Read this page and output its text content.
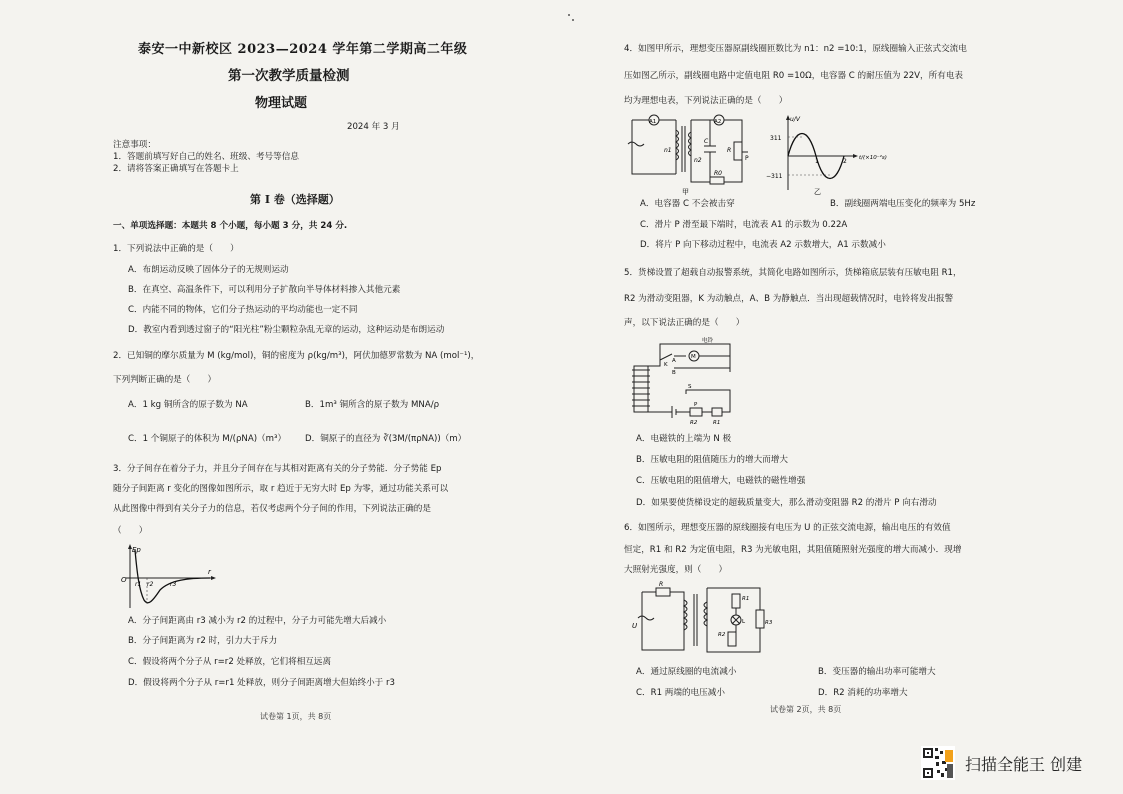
泰安一中新校区 2023—2024 学年第二学期高二年级
第一次教学质量检测
物理试题
2024 年 3 月
注意事项：
1．答题前填写好自己的姓名、班级、考号等信息
2．请将答案正确填写在答题卡上
第 I 卷（选择题）
一、单项选择题：本题共 8 个小题，每小题 3 分，共 24 分.
1．下列说法中正确的是（　　）
A．布朗运动反映了固体分子的无规则运动
B．在真空、高温条件下，可以利用分子扩散向半导体材料掺入其他元素
C．内能不同的物体，它们分子热运动的平均动能也一定不同
D．教室内看到透过窗子的“阳光柱”粉尘颗粒杂乱无章的运动，这种运动是布朗运动
2．已知铜的摩尔质量为 M (kg/mol)，铜的密度为 ρ(kg/m³)，阿伏加德罗常数为 NA (mol⁻¹)，
下列判断正确的是（　　）
A．1 kg 铜所含的原子数为 NA	B．1m³ 铜所含的原子数为 MNA/ρ
C．1 个铜原子的体积为 M/(ρNA)（m³） D．铜原子的直径为 ∛(3M/(πρNA))（m）
3．分子间存在着分子力，并且分子间存在与其相对距离有关的分子势能．分子势能 Ep
随分子间距离 r 变化的图像如图所示，取 r 趋近于无穷大时 Ep 为零，通过功能关系可以
从此图像中得到有关分子力的信息，若仅考虑两个分子间的作用，下列说法正确的是
（　　）
Ep
O
r1 r2	r3
r
A．分子间距离由 r3 减小为 r2 的过程中，分子力可能先增大后减小
B．分子间距离为 r2 时，引力大于斥力
C．假设将两个分子从 r=r2 处释放，它们将相互远离
D．假设将两个分子从 r=r1 处释放，则分子间距离增大但始终小于 r3
试卷第 1页，共 8页
4．如图甲所示，理想变压器原副线圈匝数比为 n1：n2 =10:1，原线圈输入正弦式交流电
压如图乙所示，副线圈电路中定值电阻 R0 =10Ω，电容器 C 的耐压值为 22V，所有电表
均为理想电表，下列说法正确的是（　　）
A1	A2
n1
n2
C
R
P
R0
甲
u/V
311
−311
1	2 t/(×10⁻²s)
乙
A．电容器 C 不会被击穿	B．副线圈两端电压变化的频率为 5Hz
C．滑片 P 滑至最下端时，电流表 A1 的示数为 0.22A
D．将片 P 向下移动过程中，电流表 A2 示数增大，A1 示数减小
5．货梯设置了超载自动报警系统，其简化电路如图所示，货梯箱底层装有压敏电阻 R1，
R2 为滑动变阻器，K 为动触点，A、B 为静触点．当出现超载情况时，电铃将发出报警
声，以下说法正确的是（　　）
电铃
M
A
K
B
S
P
R2	R1
A．电磁铁的上端为 N 极
B．压敏电阻的阻值随压力的增大而增大
C．压敏电阻的阻值增大，电磁铁的磁性增强
D．如果要使货梯设定的超载质量变大，那么滑动变阻器 R2 的滑片 P 向右滑动
6．如图所示，理想变压器的原线圈接有电压为 U 的正弦交流电源，输出电压的有效值
恒定，R1 和 R2 为定值电阻，R3 为光敏电阻，其阻值随照射光强度的增大而减小．现增
大照射光强度，则（　　）
R
U
R1
L
R2
R3
A．通过原线圈的电流减小	B．变压器的输出功率可能增大
C．R1 两端的电压减小	D．R2 消耗的功率增大
试卷第 2页，共 8页
扫描全能王 创建
